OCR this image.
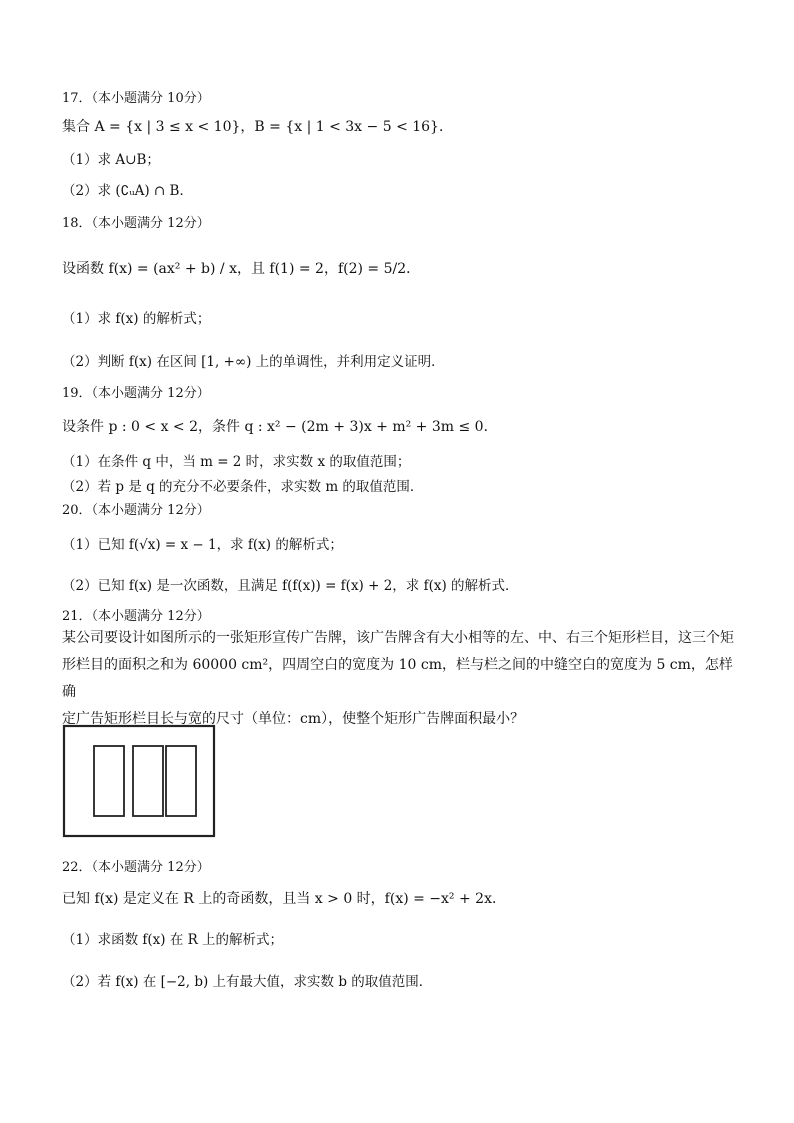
17．（本小题满分 10分）
集合 A = {x | 3 ≤ x < 10}，B = {x | 1 < 3x − 5 < 16}．
（1）求 A∪B；
（2）求 (∁ᵤA) ∩ B．
18．（本小题满分 12分）
设函数 f(x) = (ax² + b) / x，且 f(1) = 2，f(2) = 5/2．
（1）求 f(x) 的解析式；
（2）判断 f(x) 在区间 [1, +∞) 上的单调性，并利用定义证明．
19．（本小题满分 12分）
设条件 p : 0 < x < 2，条件 q : x² − (2m + 3)x + m² + 3m ≤ 0．
（1）在条件 q 中，当 m = 2 时，求实数 x 的取值范围；
（2）若 p 是 q 的充分不必要条件，求实数 m 的取值范围．
20．（本小题满分 12分）
（1）已知 f(√x) = x − 1，求 f(x) 的解析式；
（2）已知 f(x) 是一次函数，且满足 f(f(x)) = f(x) + 2，求 f(x) 的解析式．
21．（本小题满分 12分）
某公司要设计如图所示的一张矩形宣传广告牌，该广告牌含有大小相等的左、中、右三个矩形栏目，这三个矩
形栏目的面积之和为 60000 cm²，四周空白的宽度为 10 cm，栏与栏之间的中缝空白的宽度为 5 cm，怎样确
定广告矩形栏目长与宽的尺寸（单位：cm），使整个矩形广告牌面积最小？
22．（本小题满分 12分）
已知 f(x) 是定义在 R 上的奇函数，且当 x > 0 时，f(x) = −x² + 2x．
（1）求函数 f(x) 在 R 上的解析式；
（2）若 f(x) 在 [−2, b) 上有最大值，求实数 b 的取值范围．
